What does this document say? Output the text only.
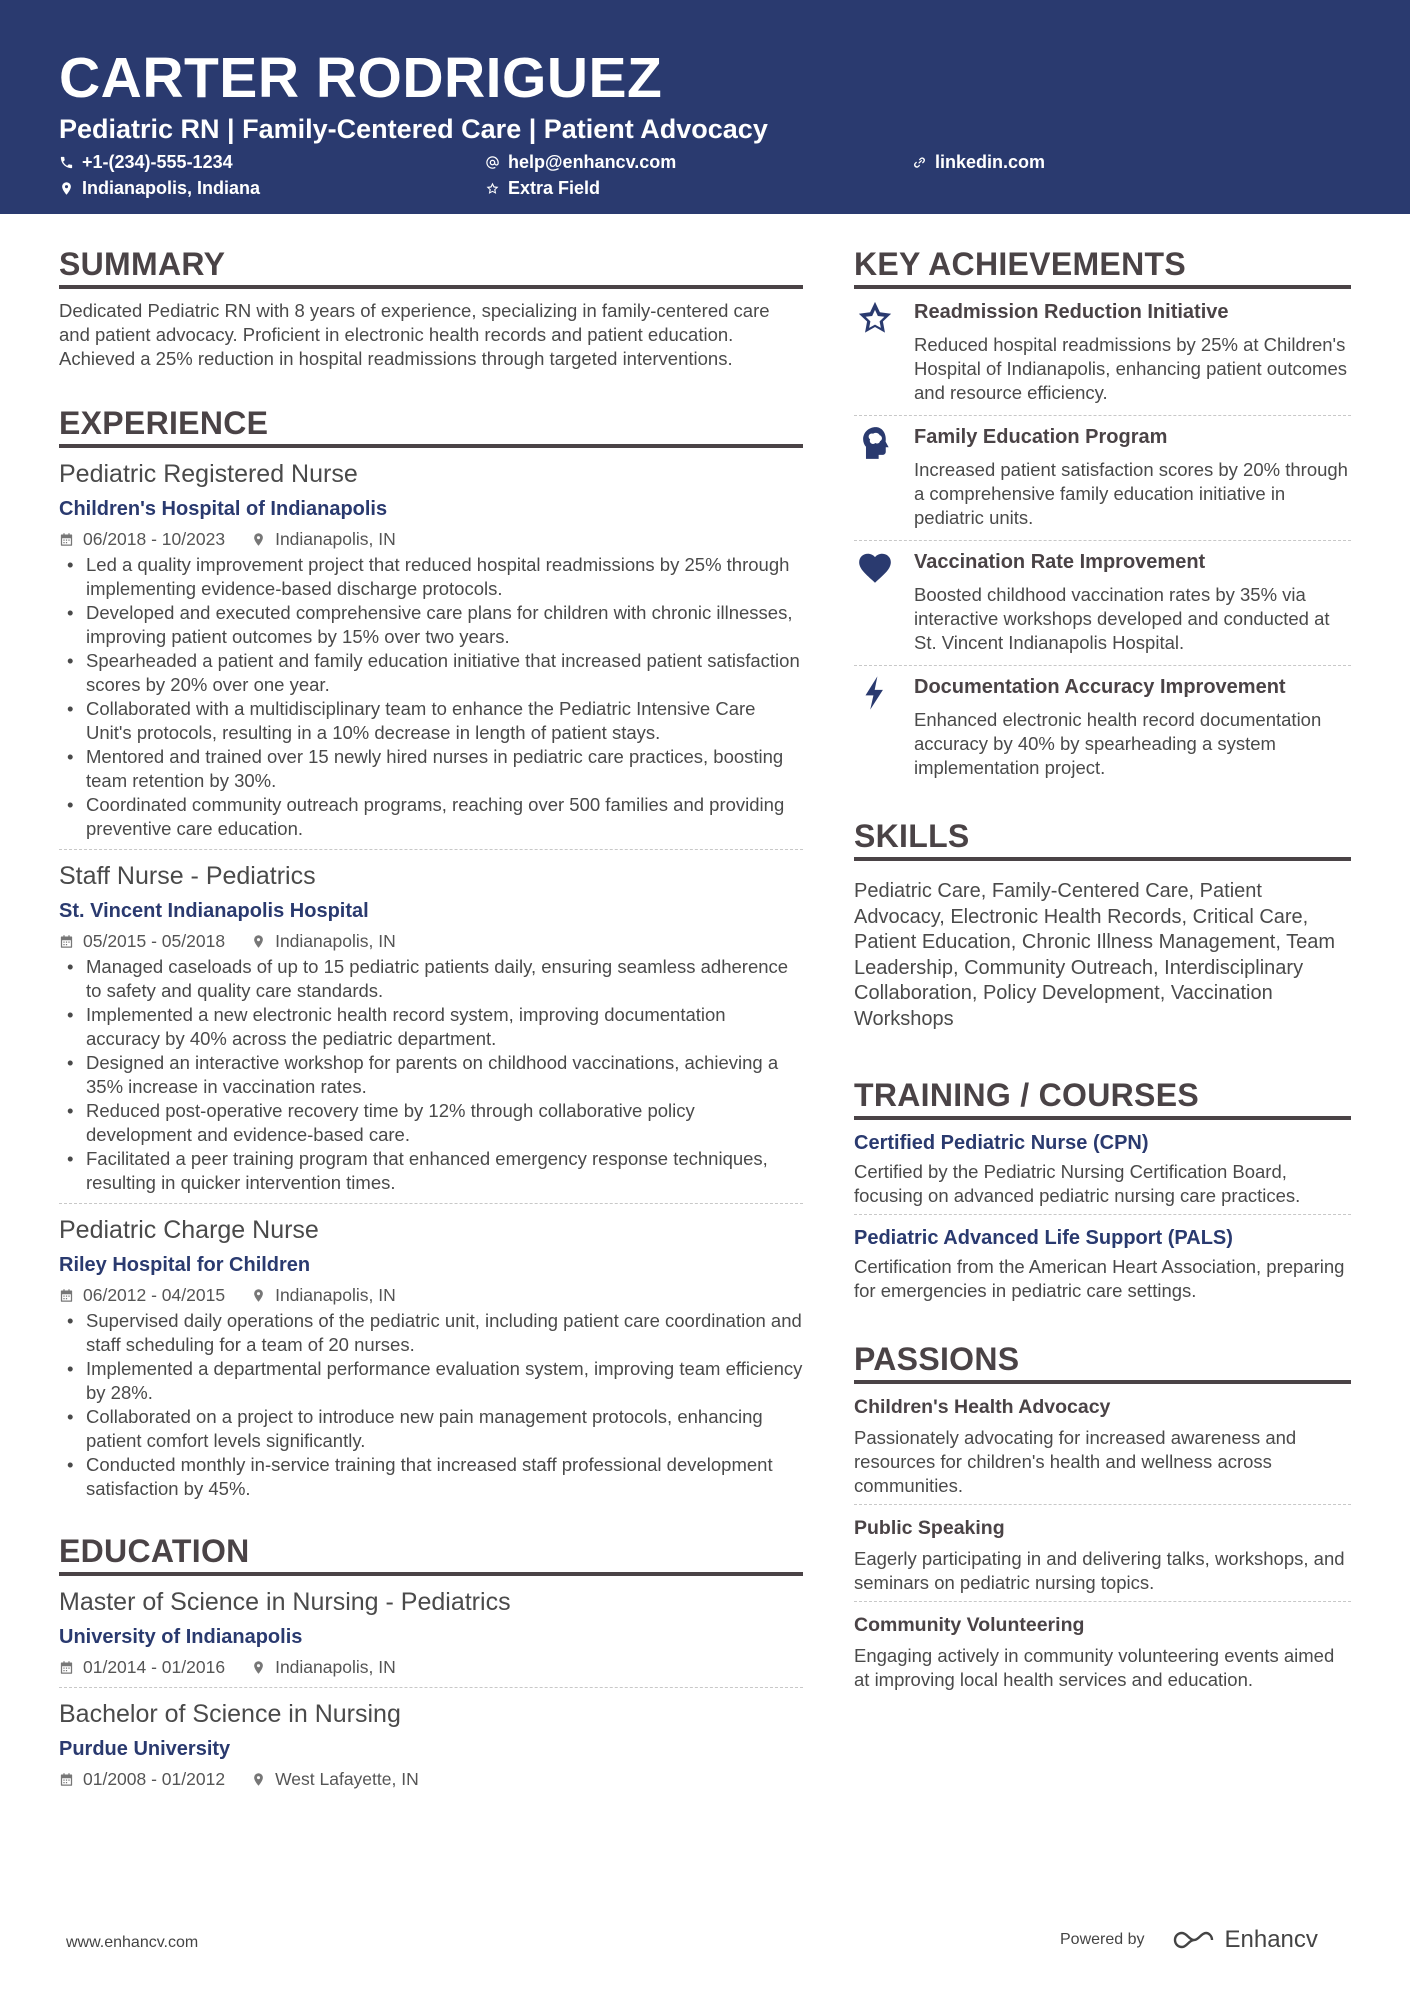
CARTER RODRIGUEZ
Pediatric RN | Family-Centered Care | Patient Advocacy
+1-(234)-555-1234	help@enhancv.com	linkedin.com
Indianapolis, Indiana	Extra Field
SUMMARY
Dedicated Pediatric RN with 8 years of experience, specializing in family-centered care and patient advocacy. Proficient in electronic health records and patient education. Achieved a 25% reduction in hospital readmissions through targeted interventions.
EXPERIENCE
Pediatric Registered Nurse
Children's Hospital of Indianapolis
06/2018 - 10/2023	Indianapolis, IN
• Led a quality improvement project that reduced hospital readmissions by 25% through implementing evidence-based discharge protocols.
• Developed and executed comprehensive care plans for children with chronic illnesses, improving patient outcomes by 15% over two years.
• Spearheaded a patient and family education initiative that increased patient satisfaction scores by 20% over one year.
• Collaborated with a multidisciplinary team to enhance the Pediatric Intensive Care Unit's protocols, resulting in a 10% decrease in length of patient stays.
• Mentored and trained over 15 newly hired nurses in pediatric care practices, boosting team retention by 30%.
• Coordinated community outreach programs, reaching over 500 families and providing preventive care education.
Staff Nurse - Pediatrics
St. Vincent Indianapolis Hospital
05/2015 - 05/2018	Indianapolis, IN
• Managed caseloads of up to 15 pediatric patients daily, ensuring seamless adherence to safety and quality care standards.
• Implemented a new electronic health record system, improving documentation accuracy by 40% across the pediatric department.
• Designed an interactive workshop for parents on childhood vaccinations, achieving a 35% increase in vaccination rates.
• Reduced post-operative recovery time by 12% through collaborative policy development and evidence-based care.
• Facilitated a peer training program that enhanced emergency response techniques, resulting in quicker intervention times.
Pediatric Charge Nurse
Riley Hospital for Children
06/2012 - 04/2015	Indianapolis, IN
• Supervised daily operations of the pediatric unit, including patient care coordination and staff scheduling for a team of 20 nurses.
• Implemented a departmental performance evaluation system, improving team efficiency by 28%.
• Collaborated on a project to introduce new pain management protocols, enhancing patient comfort levels significantly.
• Conducted monthly in-service training that increased staff professional development satisfaction by 45%.
EDUCATION
Master of Science in Nursing - Pediatrics
University of Indianapolis
01/2014 - 01/2016	Indianapolis, IN
Bachelor of Science in Nursing
Purdue University
01/2008 - 01/2012	West Lafayette, IN
KEY ACHIEVEMENTS
Readmission Reduction Initiative
Reduced hospital readmissions by 25% at Children's Hospital of Indianapolis, enhancing patient outcomes and resource efficiency.
Family Education Program
Increased patient satisfaction scores by 20% through a comprehensive family education initiative in pediatric units.
Vaccination Rate Improvement
Boosted childhood vaccination rates by 35% via interactive workshops developed and conducted at St. Vincent Indianapolis Hospital.
Documentation Accuracy Improvement
Enhanced electronic health record documentation accuracy by 40% by spearheading a system implementation project.
SKILLS
Pediatric Care, Family-Centered Care, Patient Advocacy, Electronic Health Records, Critical Care, Patient Education, Chronic Illness Management, Team Leadership, Community Outreach, Interdisciplinary Collaboration, Policy Development, Vaccination Workshops
TRAINING / COURSES
Certified Pediatric Nurse (CPN)
Certified by the Pediatric Nursing Certification Board, focusing on advanced pediatric nursing care practices.
Pediatric Advanced Life Support (PALS)
Certification from the American Heart Association, preparing for emergencies in pediatric care settings.
PASSIONS
Children's Health Advocacy
Passionately advocating for increased awareness and resources for children's health and wellness across communities.
Public Speaking
Eagerly participating in and delivering talks, workshops, and seminars on pediatric nursing topics.
Community Volunteering
Engaging actively in community volunteering events aimed at improving local health services and education.
www.enhancv.com	Powered by	Enhancv
